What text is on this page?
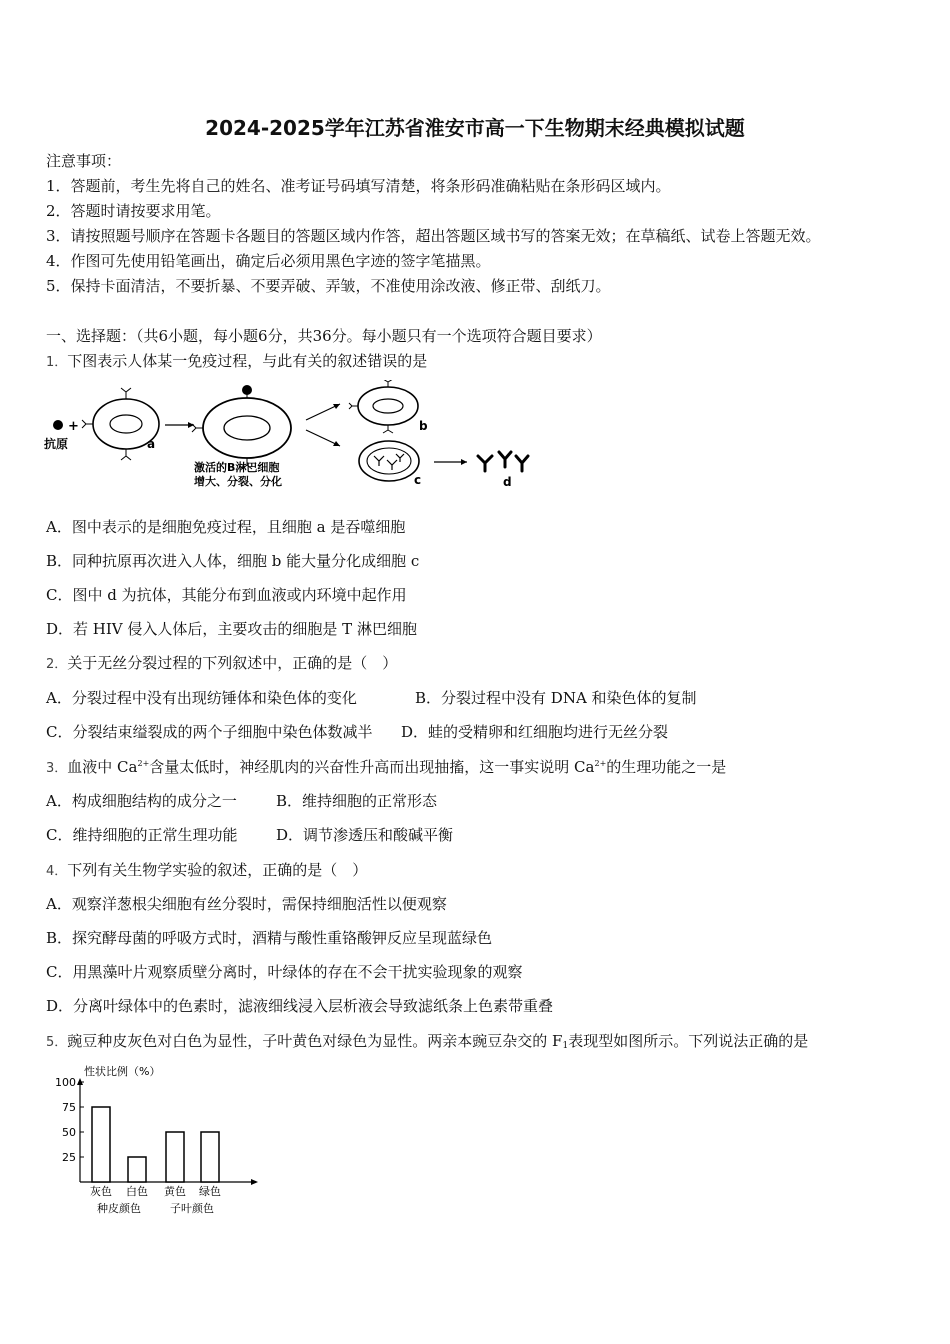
2024-2025学年江苏省淮安市高一下生物期末经典模拟试题
注意事项：
1．答题前，考生先将自己的姓名、准考证号码填写清楚，将条形码准确粘贴在条形码区域内。
2．答题时请按要求用笔。
3．请按照题号顺序在答题卡各题目的答题区域内作答，超出答题区域书写的答案无效；在草稿纸、试卷上答题无效。
4．作图可先使用铅笔画出，确定后必须用黑色字迹的签字笔描黑。
5．保持卡面清洁，不要折暴、不要弄破、弄皱，不准使用涂改液、修正带、刮纸刀。
一、选择题：（共6小题，每小题6分，共36分。每小题只有一个选项符合题目要求）
1．下图表示人体某一免疫过程，与此有关的叙述错误的是
+
抗原	a
激活的B淋巴细胞
增大、分裂、分化
b
c	d
A．图中表示的是细胞免疫过程，且细胞 a 是吞噬细胞
B．同种抗原再次进入人体，细胞 b 能大量分化成细胞 c
C．图中 d 为抗体，其能分布到血液或内环境中起作用
D．若 HIV 侵入人体后，主要攻击的细胞是 T 淋巴细胞
2．关于无丝分裂过程的下列叙述中，正确的是（　）
A．分裂过程中没有出现纺锤体和染色体的变化	B．分裂过程中没有 DNA 和染色体的复制
C．分裂结束缢裂成的两个子细胞中染色体数减半 D．蛙的受精卵和红细胞均进行无丝分裂
3．血液中 $Ca^{2+}$含量太低时，神经肌肉的兴奋性升高而出现抽搐，这一事实说明 $Ca^{2+}$的生理功能之一是
A．构成细胞结构的成分之一	B．维持细胞的正常形态
C．维持细胞的正常生理功能	D．调节渗透压和酸碱平衡
4．下列有关生物学实验的叙述，正确的是（　）
A．观察洋葱根尖细胞有丝分裂时，需保持细胞活性以便观察
B．探究酵母菌的呼吸方式时，酒精与酸性重铬酸钾反应呈现蓝绿色
C．用黑藻叶片观察质壁分离时，叶绿体的存在不会干扰实验现象的观察
D．分离叶绿体中的色素时，滤液细线浸入层析液会导致滤纸条上色素带重叠
5．豌豆种皮灰色对白色为显性，子叶黄色对绿色为显性。两亲本豌豆杂交的 $F_1$表现型如图所示。下列说法正确的是
性状比例（%）
100
75
50
25
灰色 白色 黄色 绿色
种皮颜色	子叶颜色
